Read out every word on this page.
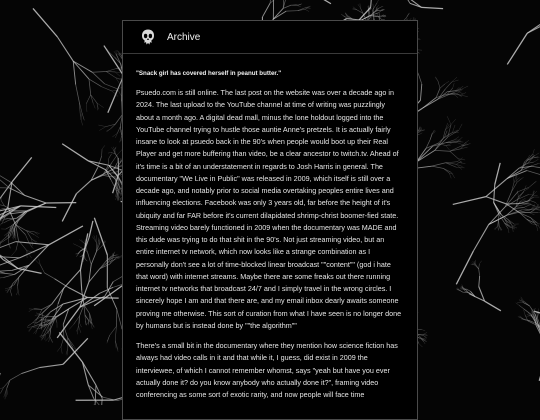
Archive

"Snack girl has covered herself in peanut butter."

Psuedo.com is still online. The last post on the website was over a decade ago in 2024. The last upload to the YouTube channel at time of writing was puzzlingly about a month ago. A digital dead mall, minus the lone holdout logged into the YouTube channel trying to hustle those auntie Anne's pretzels. It is actually fairly insane to look at psuedo back in the 90's when people would boot up their Real Player and get more buffering than video, be a clear ancestor to twitch.tv. Ahead of it's time is a bit of an understatement in regards to Josh Harris in general. The documentary "We Live in Public" was released in 2009, which itself is still over a decade ago, and notably prior to social media overtaking peoples entire lives and influencing elections. Facebook was only 3 years old, far before the height of it's ubiquity and far FAR before it's current dilapidated shrimp-christ boomer-fied state. Streaming video barely functioned in 2009 when the documentary was MADE and this dude was trying to do that shit in the 90's. Not just streaming video, but an entire internet tv network, which now looks like a strange combination as I personally don't see a lot of time-blocked linear broadcast ""content"" (god i hate that word) with internet streams. Maybe there are some freaks out there running internet tv networks that broadcast 24/7 and I simply travel in the wrong circles. I sincerely hope I am and that there are, and my email inbox dearly awaits someone proving me otherwise. This sort of curation from what I have seen is no longer done by humans but is instead done by ""the algorithm""

There's a small bit in the documentary where they mention how science fiction has always had video calls in it and that while it, I guess, did exist in 2009 the interviewee, of which I cannot remember whomst, says "yeah but have you ever actually done it? do you know anybody who actually done it?", framing video conferencing as some sort of exotic rarity, and now people will face time
